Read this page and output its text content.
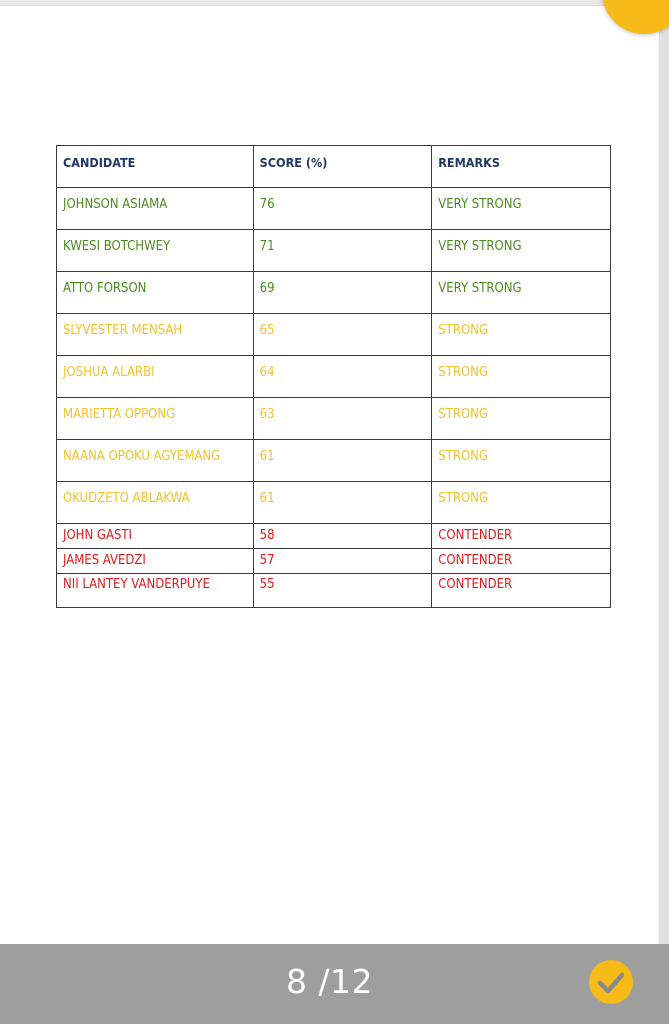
CANDIDATE	SCORE (%)	REMARKS
JOHNSON ASIAMA	76	VERY STRONG
KWESI BOTCHWEY	71	VERY STRONG
ATTO FORSON	69	VERY STRONG
SLYVESTER MENSAH	65	STRONG
JOSHUA ALARBI	64	STRONG
MARIETTA OPPONG	63	STRONG
NAANA OPOKU AGYEMANG	61	STRONG
OKUDZETO ABLAKWA	61	STRONG
JOHN GASTI	58	CONTENDER
JAMES AVEDZI	57	CONTENDER
NII LANTEY VANDERPUYE	55	CONTENDER
8 /12
